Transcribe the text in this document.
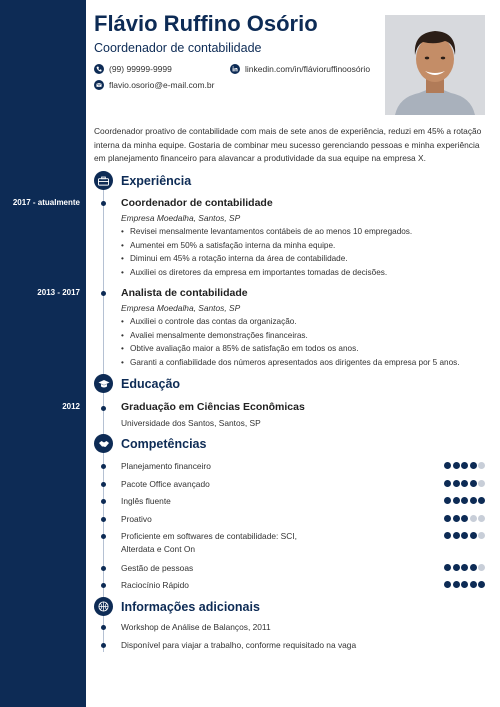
2017 - atualmente
2013 - 2017
2012
Flávio Ruffino Osório
Coordenador de contabilidade
(99) 99999-9999	linkedin.com/in/flávioruffinoosório
flavio.osorio@e-mail.com.br
Coordenador proativo de contabilidade com mais de sete anos de experiência, reduzi em 45% a rotação interna da minha equipe. Gostaria de combinar meu sucesso gerenciando pessoas e minha experiência em planejamento financeiro para alavancar a produtividade da sua equipe na empresa X.
Experiência
Coordenador de contabilidade
Empresa Moedalha, Santos, SP
• Revisei mensalmente levantamentos contábeis de ao menos 10 empregados.
• Aumentei em 50% a satisfação interna da minha equipe.
• Diminui em 45% a rotação interna da área de contabilidade.
• Auxiliei os diretores da empresa em importantes tomadas de decisões.
Analista de contabilidade
Empresa Moedalha, Santos, SP
• Auxiliei o controle das contas da organização.
• Avaliei mensalmente demonstrações financeiras.
• Obtive avaliação maior a 85% de satisfação em todos os anos.
• Garanti a confiabilidade dos números apresentados aos dirigentes da empresa por 5 anos.
Educação
Graduação em Ciências Econômicas
Universidade dos Santos, Santos, SP
Competências
Planejamento financeiro
Pacote Office avançado
Inglês fluente
Proativo
Proficiente em softwares de contabilidade: SCI, Alterdata e Cont On
Gestão de pessoas
Raciocínio Rápido
Informações adicionais
Workshop de Análise de Balanços, 2011
Disponível para viajar a trabalho, conforme requisitado na vaga
